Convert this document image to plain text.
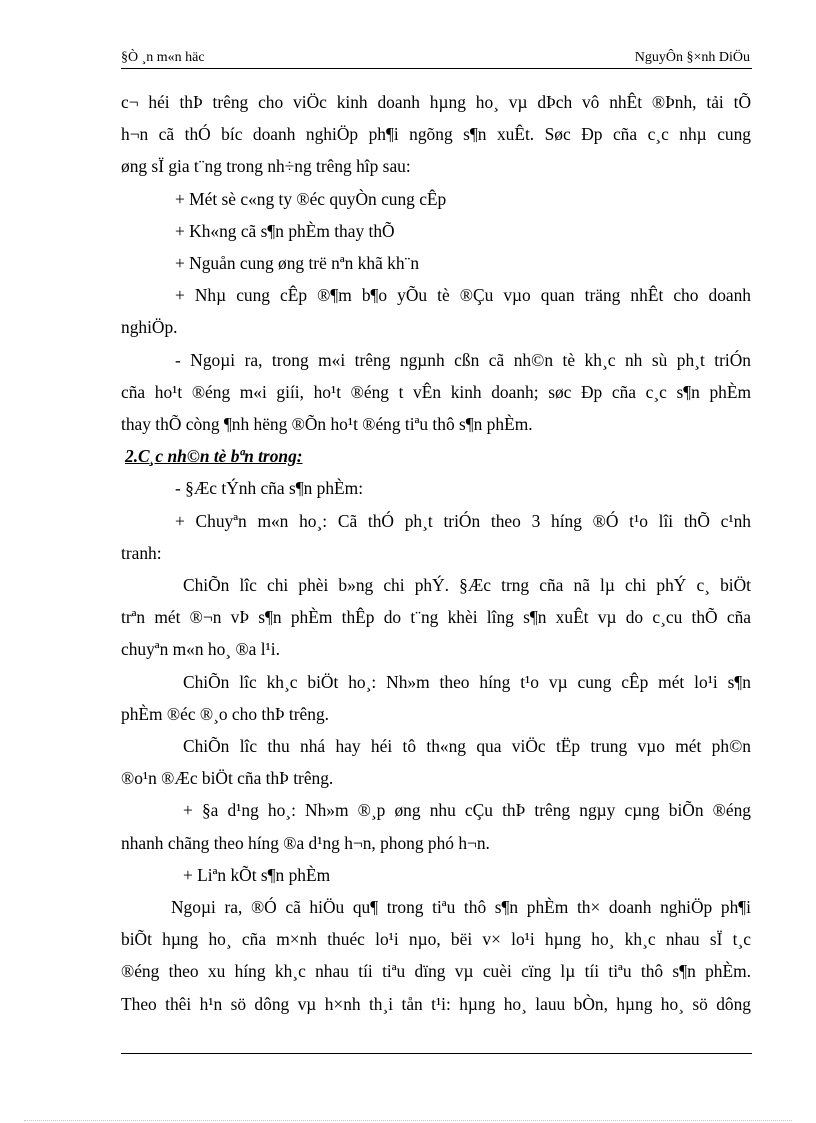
§Ò ¸n m«n häc	NguyÔn §×nh DiÖu

c¬ héi thÞ trêng cho viÖc kinh doanh hµng ho¸ vµ dÞch vô nhÊt ®Þnh, tải tÕ

h¬n cã thÓ bíc doanh nghiÖp ph¶i ngõng s¶n xuÊt. Søc Ðp cña c¸c nhµ cung

øng sÏ gia t¨ng trong nh÷ng trêng hîp sau:

+ Mét sè c«ng ty ®éc quyÒn cung cÊp

+ Kh«ng cã s¶n phÈm thay thÕ

+ Nguån cung øng trë nªn khã kh¨n

+ Nhµ cung cÊp ®¶m b¶o yÕu tè ®Çu vµo quan träng nhÊt cho doanh

nghiÖp.

- Ngoµi ra, trong m«i trêng ngµnh cßn cã nh©n tè kh¸c nh sù ph¸t triÓn

cña ho¹t ®éng m«i giíi, ho¹t ®éng t vÊn kinh doanh; søc Ðp cña c¸c s¶n phÈm

thay thÕ còng ¶nh hëng ®Õn ho¹t ®éng tiªu thô s¶n phÈm.

2.C¸c nh©n tè bªn trong:

- §Æc tÝnh cña s¶n phÈm:

+ Chuyªn m«n ho¸: Cã thÓ ph¸t triÓn theo 3 híng ®Ó t¹o lîi thÕ c¹nh

tranh:

ChiÕn lîc chi phèi b»ng chi phÝ. §Æc trng cña nã lµ chi phÝ c¸ biÖt

trªn mét ®¬n vÞ s¶n phÈm thÊp do t¨ng khèi lîng s¶n xuÊt vµ do c¸cu thÕ cña

chuyªn m«n ho¸ ®a l¹i.

ChiÕn lîc kh¸c biÖt ho¸: Nh»m theo híng t¹o vµ cung cÊp mét lo¹i s¶n

phÈm ®éc ®¸o cho thÞ trêng.

ChiÕn lîc thu nhá hay héi tô th«ng qua viÖc tËp trung vµo mét ph©n

®o¹n ®Æc biÖt cña thÞ trêng.

+ §a d¹ng ho¸: Nh»m ®¸p øng nhu cÇu thÞ trêng ngµy cµng biÕn ®éng

nhanh chãng theo híng ®a d¹ng h¬n, phong phó h¬n.

+ Liªn kÕt s¶n phÈm

Ngoµi ra, ®Ó cã hiÖu qu¶ trong tiªu thô s¶n phÈm th× doanh nghiÖp ph¶i

biÕt hµng ho¸ cña m×nh thuéc lo¹i nµo, bëi v× lo¹i hµng ho¸ kh¸c nhau sÏ t¸c

®éng theo xu híng kh¸c nhau tíi tiªu dïng vµ cuèi cïng lµ tíi tiªu thô s¶n phÈm.

Theo thêi h¹n sö dông vµ h×nh th¸i tån t¹i: hµng ho¸ lauu bÒn, hµng ho¸ sö dông
